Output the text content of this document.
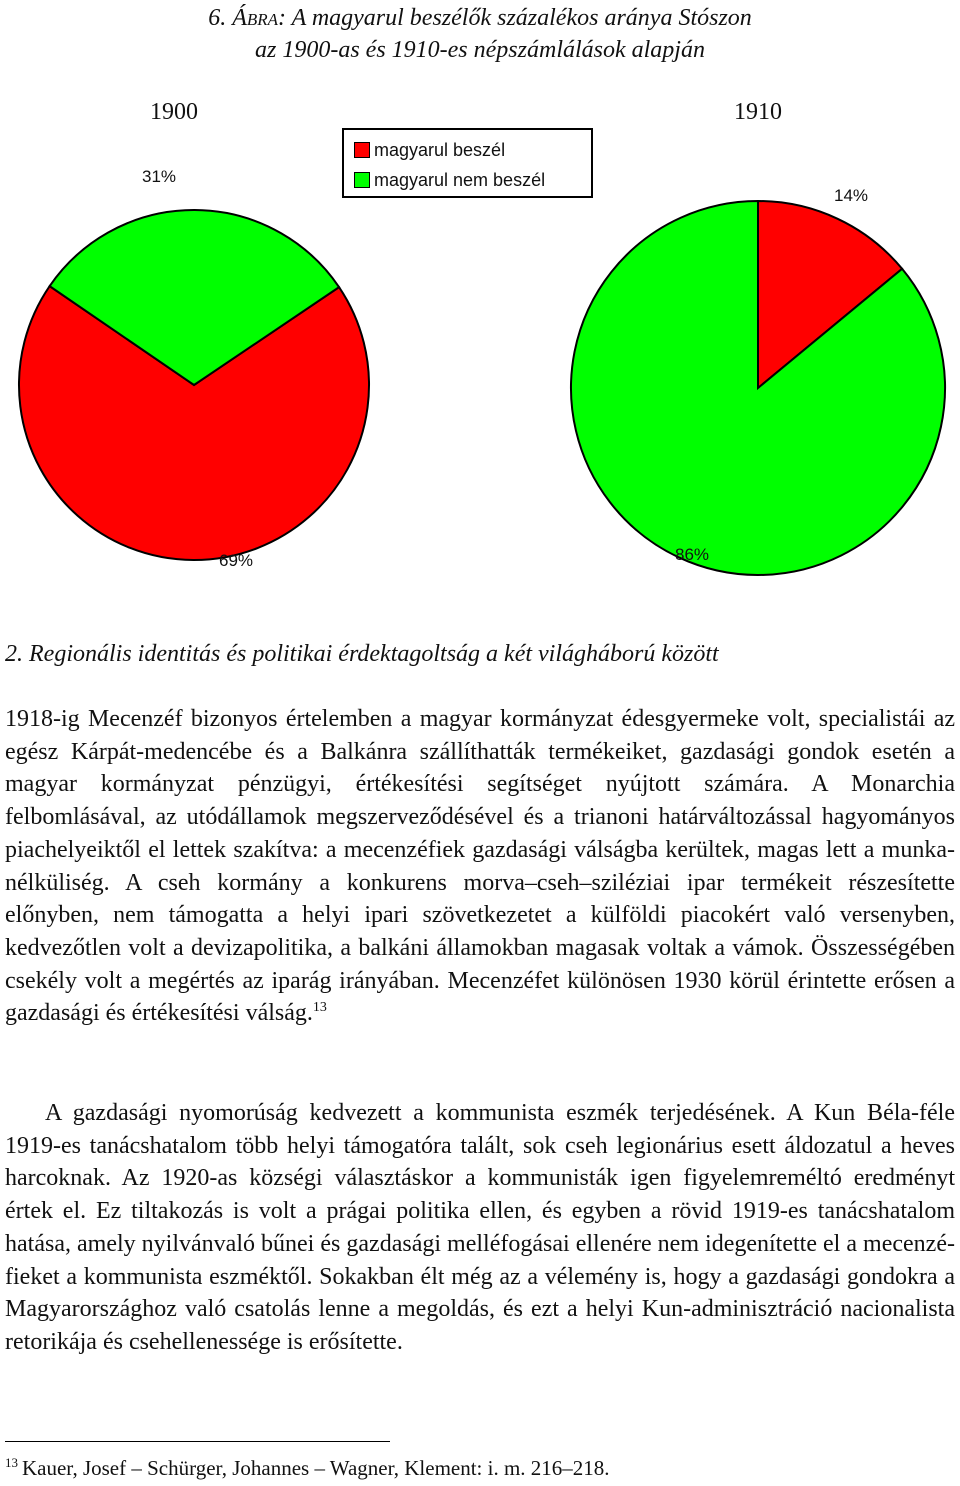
6. Ábra: A magyarul beszélők százalékos aránya Stószon
az 1900-as és 1910-es népszámlálások alapján
1900	1910
31%
69%
14%
86%
magyarul beszél
magyarul nem beszél
2. Regionális identitás és politikai érdektagoltság a két világháború között

1918-ig Mecenzéf bizonyos értelemben a magyar kormányzat édesgyermeke volt, specialistái az egész Kárpát-medencébe és a Balkánra szállíthatták termékeiket, gazdasági gondok esetén a magyar kormányzat pénzügyi, értékesítési segítséget nyújtott számára. A Monarchia felbomlásával, az utódállamok megszerveződésével és a trianoni határváltozással hagyományos piachelyeiktől el lettek szakítva: a mecenzéfiek gazdasági válságba kerültek, magas lett a munkanélküliség. A cseh kormány a konkurens morva–cseh–sziléziai ipar termékeit részesítette előnyben, nem támogatta a helyi ipari szövetkezetet a külföldi piacokért való versenyben, kedvezőtlen volt a devizapolitika, a balkáni államokban magasak voltak a vámok. Összességében csekély volt a megértés az iparág irányában. Mecenzéfet különösen 1930 körül érintette erősen a gazdasági és értékesítési válság.$^{13}$

A gazdasági nyomorúság kedvezett a kommunista eszmék terjedésének. A Kun Béla-féle 1919-es tanácshatalom több helyi támogatóra talált, sok cseh legionárius esett áldozatul a heves harcoknak. Az 1920-as községi választáskor a kommunisták igen figyelemreméltó eredményt értek el. Ez tiltakozás is volt a prágai politika ellen, és egyben a rövid 1919-es tanácshatalom hatása, amely nyilvánvaló bűnei és gazdasági melléfogásai ellenére nem idegenítette el a mecenzéfieket a kommunista eszméktől. Sokakban élt még az a vélemény is, hogy a gazdasági gondokra a Magyarországhoz való csatolás lenne a megoldás, és ezt a helyi Kun-adminisztráció nacionalista retorikája és csehellenessége is erősítette.

$^{13}$ Kauer, Josef – Schürger, Johannes – Wagner, Klement: i. m. 216–218.
